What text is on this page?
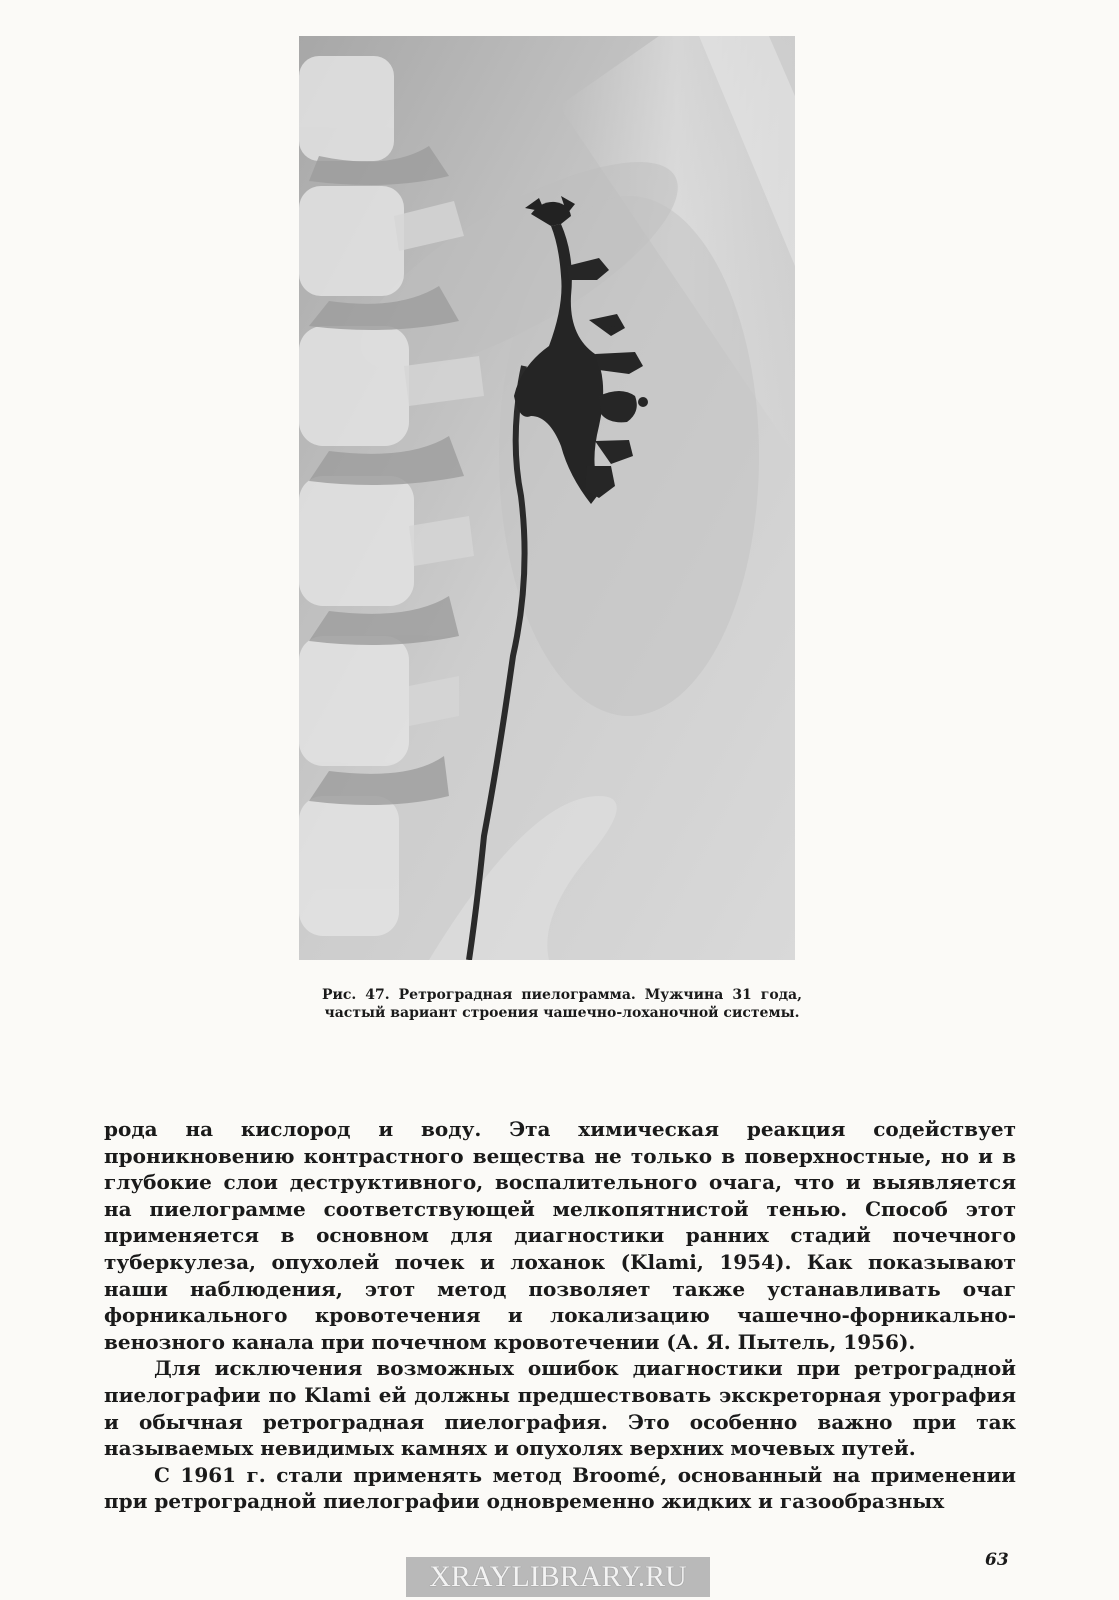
Рис. 47. Ретроградная пиелограмма. Мужчина 31 года, частый вариант строения чашечно-лоханочной системы.

рода на кислород и воду. Эта химическая реакция содействует проникновению контрастного вещества не только в поверхностные, но и в глубокие слои деструктивного, воспалительного очага, что и выявляется на пиелограмме соответствующей мелкопятнистой тенью. Способ этот применяется в основном для диагностики ранних стадий почечного туберкулеза, опухолей почек и лоханок (Klami, 1954). Как показывают наши наблюдения, этот метод позволяет также устанавливать очаг форникального кровотечения и локализацию чашечно-форникально-венозного канала при почечном кровотечении (А. Я. Пытель, 1956).

Для исключения возможных ошибок диагностики при ретроградной пиелографии по Klami ей должны предшествовать экскреторная урография и обычная ретроградная пиелография. Это особенно важно при так называемых невидимых камнях и опухолях верхних мочевых путей.

С 1961 г. стали применять метод Broomé, основанный на применении при ретроградной пиелографии одновременно жидких и газообразных

63
XRAYLIBRARY.RU
